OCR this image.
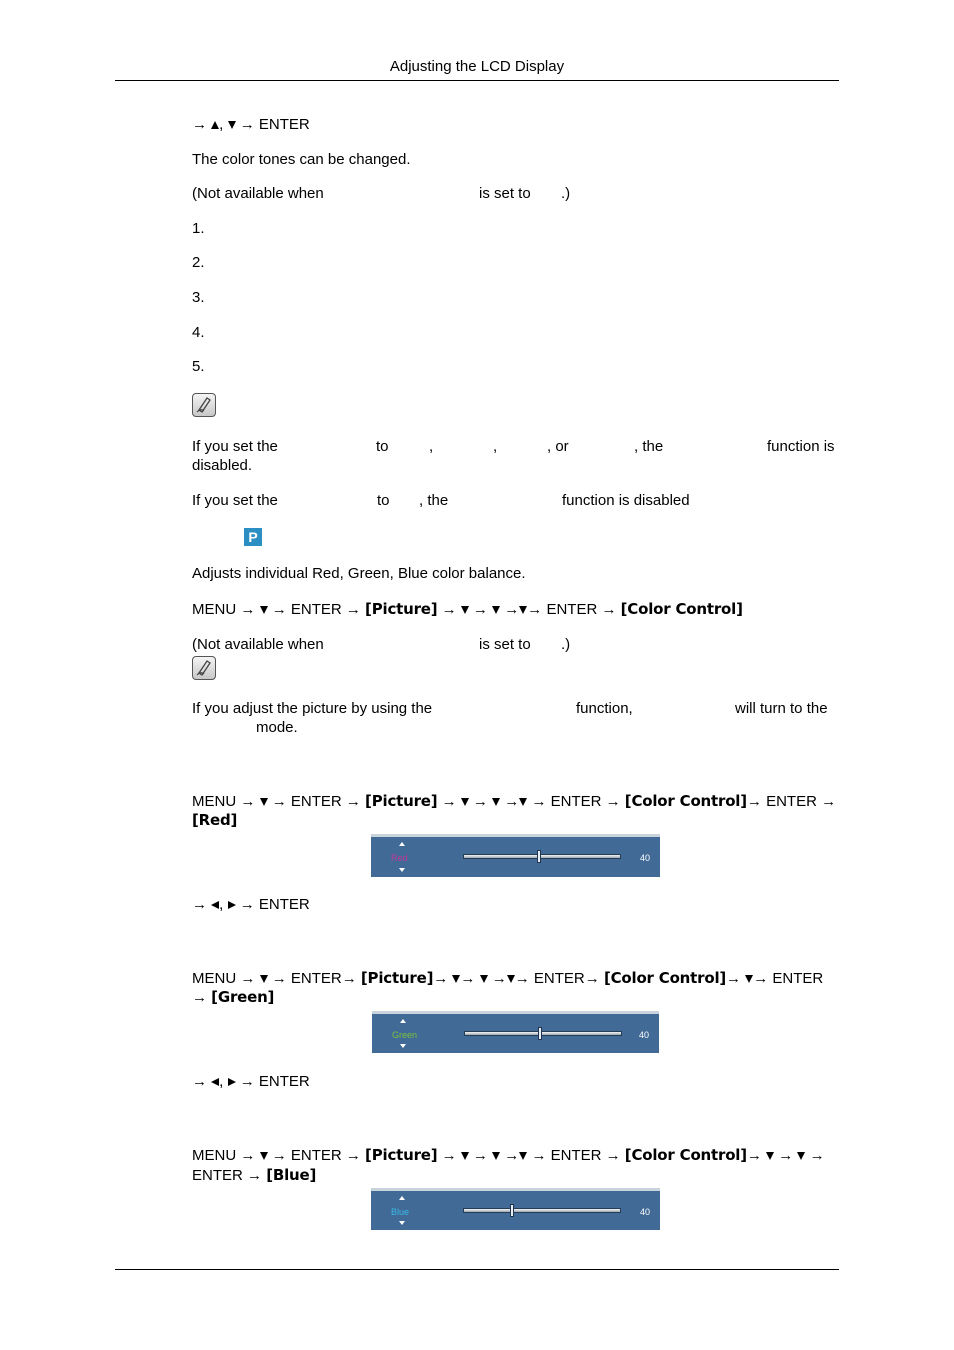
Adjusting the LCD Display
→ , → ENTER
The color tones can be changed.
(Not available when	is set to .)
1.
2.
3.
4.
5.
If you set the	to	,	,	, or	, the	function is
disabled.
If you set the	to , the	function is disabled
P
Adjusts individual Red, Green, Blue color balance.
MENU → → ENTER → [Picture] → → → → ENTER → [Color Control]
(Not available when	is set to .)
If you adjust the picture by using the	function,	will turn to the
mode.
MENU → → ENTER → [Picture] → → → → ENTER → [Color Control]→ ENTER →
[Red]
Red	40
→ , → ENTER
MENU → → ENTER→ [Picture]→ → → → ENTER→ [Color Control]→ → ENTER
→ [Green]
Green	40
→ , → ENTER
MENU → → ENTER → [Picture] → → → → ENTER → [Color Control]→ → →
ENTER → [Blue]
Blue	40
